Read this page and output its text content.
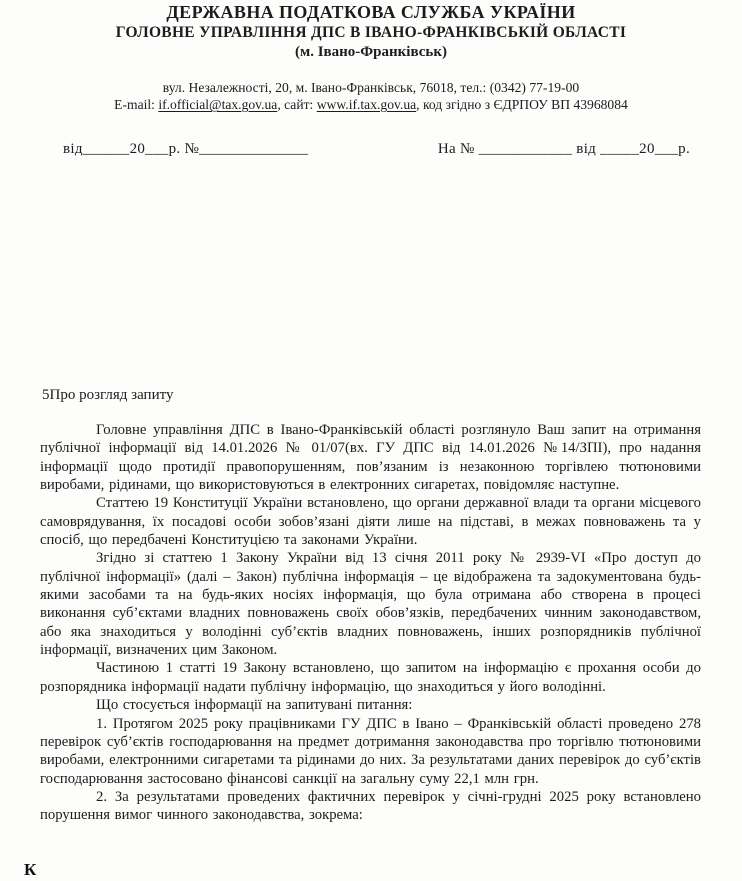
ДЕРЖАВНА ПОДАТКОВА СЛУЖБА УКРАЇНИ
ГОЛОВНЕ УПРАВЛІННЯ ДПС В ІВАНО-ФРАНКІВСЬКІЙ ОБЛАСТІ
(м. Івано-Франківськ)
вул. Незалежності, 20, м. Івано-Франківськ, 76018, тел.: (0342) 77-19-00
E-mail: if.official@tax.gov.ua, сайт: www.if.tax.gov.ua, код згідно з ЄДРПОУ ВП 43968084
від______20___р. №______________	На № ____________ від _____20___р.
5Про розгляд запиту

Головне управління ДПС в Івано-Франківській області розглянуло Ваш запит на отримання публічної інформації від 14.01.2026 № 01/07(вх. ГУ ДПС від 14.01.2026 №14/ЗПІ), про надання інформації щодо протидії правопорушенням, пов’язаним із незаконною торгівлею тютюновими виробами, рідинами, що використовуються в електронних сигаретах, повідомляє наступне.

Статтею 19 Конституції України встановлено, що органи державної влади та органи місцевого самоврядування, їх посадові особи зобов’язані діяти лише на підставі, в межах повноважень та у спосіб, що передбачені Конституцією та законами України.

Згідно зі статтею 1 Закону України від 13 січня 2011 року № 2939-VI «Про доступ до публічної інформації» (далі – Закон) публічна інформація – це відображена та задокументована будь-якими засобами та на будь-яких носіях інформація, що була отримана або створена в процесі виконання суб’єктами владних повноважень своїх обов’язків, передбачених чинним законодавством, або яка знаходиться у володінні суб’єктів владних повноважень, інших розпорядників публічної інформації, визначених цим Законом.

Частиною 1 статті 19 Закону встановлено, що запитом на інформацію є прохання особи до розпорядника інформації надати публічну інформацію, що знаходиться у його володінні.

Що стосується інформації на запитувані питання:

1. Протягом 2025 року працівниками ГУ ДПС в Івано – Франківській області проведено 278 перевірок суб’єктів господарювання на предмет дотримання законодавства про торгівлю тютюновими виробами, електронними сигаретами та рідинами до них. За результатами даних перевірок до суб’єктів господарювання застосовано фінансові санкції на загальну суму 22,1 млн грн.

2. За результатами проведених фактичних перевірок у січні-грудні 2025 року встановлено порушення вимог чинного законодавства, зокрема:

К
